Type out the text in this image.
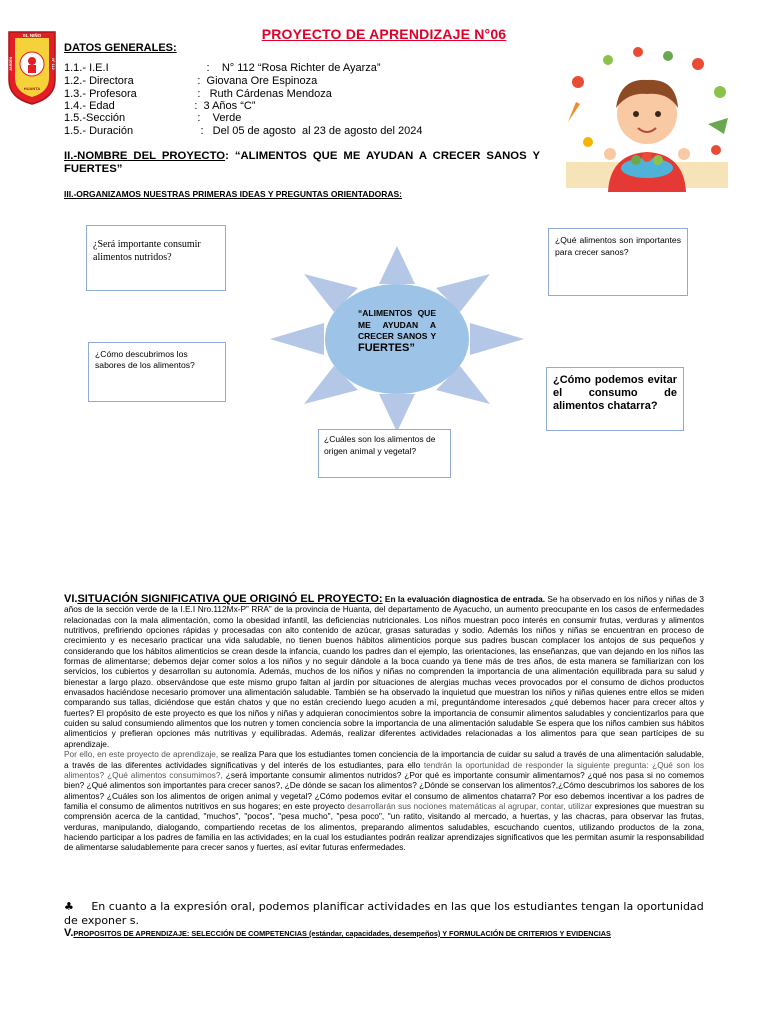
PROYECTO DE APRENDIZAJE N°06
EL NIÑO
JARDÍN	N° 112
HUANTA
DATOS GENERALES:
1.1.- I.E.I	:    N° 112 “Rosa Richter de Ayarza”
1.2.- Directora	:  Giovana Ore Espinoza
1.3.- Profesora	:   Ruth Cárdenas Mendoza
1.4.- Edad	:  3 Años “C”
1.5.-Sección	:    Verde
1.5.- Duración	:   Del 05 de agosto  al 23 de agosto del 2024
II.-NOMBRE DEL PROYECTO: “ALIMENTOS QUE ME AYUDAN A CRECER SANOS Y FUERTES”
III.-ORGANIZAMOS NUESTRAS PRIMERAS IDEAS Y PREGUNTAS ORIENTADORAS:
“ALIMENTOS QUE ME AYUDAN A CRECER SANOS Y FUERTES”
¿Será importante consumir alimentos nutridos?
¿Qué alimentos son importantes para crecer sanos?
¿Cómo descubrimos los sabores de los alimentos?
¿Cómo podemos evitar el consumo de alimentos chatarra?
¿Cuáles son los alimentos de origen animal y vegetal?
VI.SITUACIÓN SIGNIFICATIVA QUE ORIGINÓ EL PROYECTO: En la evaluación diagnostica de entrada. Se ha observado en los niños y niñas de 3 años de la sección verde de la I.E.I Nro.112Mx-P” RRA” de la provincia de Huanta, del departamento de Ayacucho, un aumento preocupante en los casos de enfermedades relacionadas con la mala alimentación, como la obesidad infantil, las deficiencias nutricionales. Los niños muestran poco interés en consumir frutas, verduras y alimentos nutritivos, prefiriendo opciones rápidas y procesadas con alto contenido de azúcar, grasas saturadas y sodio. Además los niños y niñas se encuentran en proceso de crecimiento y es necesario practicar una vida saludable, no tienen buenos hábitos alimenticios porque sus padres buscan complacer los antojos de sus pequeños y considerando que los hábitos alimenticios se crean desde la infancia, cuando los padres dan el ejemplo, las orientaciones, las enseñanzas, que van dejando en los niños las formas de alimentarse; debemos dejar comer solos a los niños y no seguir dándole a la boca cuando ya tiene más de tres años, de esta manera se familiarizan con los servicios, los cubiertos y desarrollan su autonomía. Además, muchos de los niños y niñas no comprenden la importancia de una alimentación equilibrada para su salud y bienestar a largo plazo. observándose que este mismo grupo faltan al jardín por situaciones de alergias muchas veces provocados por el consumo de dichos productos envasados haciéndose necesario promover una alimentación saludable. También se ha observado la inquietud que muestran los niños y niñas quienes entre ellos se miden comparando sus tallas, diciéndose que están chatos y que no están creciendo luego acuden a mí, preguntándome interesados ¿qué debemos hacer para crecer altos y fuertes? El propósito de este proyecto es que los niños y niñas y adquieran conocimientos sobre la importancia de consumir alimentos saludables y concientizarlos para que cuiden su salud consumiendo alimentos que los nutren y tomen conciencia sobre la importancia de una alimentación saludable Se espera que los niños cambien sus hábitos alimenticios y prefieran opciones más nutritivas y equilibradas. Además, realizar diferentes actividades relacionadas a los alimentos para que sean partícipes de su aprendizaje.
Por ello, en este proyecto de aprendizaje, se realiza Para que los estudiantes tomen conciencia de la importancia de cuidar su salud a través de una alimentación saludable, a través de las diferentes actividades significativas y del interés de los estudiantes, para ello tendrán la oportunidad de responder la siguiente pregunta: ¿Qué son los alimentos? ¿Qué alimentos consumimos?, ¿será importante consumir alimentos nutridos? ¿Por qué es importante consumir alimentarnos? ¿qué nos pasa si no comemos bien? ¿Qué alimentos son importantes para crecer sanos?, ¿De dónde se sacan los alimentos? ¿Dónde se conservan los alimentos?,¿Cómo descubrimos los sabores de los alimentos? ¿Cuáles son los alimentos de origen animal y vegetal? ¿Cómo podemos evitar el consumo de alimentos chatarra? Por eso debemos incentivar a los padres de familia el consumo de alimentos nutritivos en sus hogares; en este proyecto desarrollarán sus nociones matemáticas al agrupar, contar, utilizar expresiones que muestran su comprensión acerca de la cantidad, "muchos", "pocos", "pesa mucho", "pesa poco", "un ratito, visitando al mercado, a huertas, y las chacras, para observar las frutas, verduras, manipulando, dialogando, compartiendo recetas de los alimentos, preparando alimentos saludables, escuchando cuentos, utilizando productos de la zona, haciendo participar a los padres de familia en las actividades; en la cual los estudiantes podrán realizar aprendizajes significativos que les permitan asumir la responsabilidad de alimentarse saludablemente para crecer sanos y fuertes, así evitar futuras enfermedades.
♣ En cuanto a la expresión oral, podemos planificar actividades en las que los estudiantes tengan la oportunidad de exponer s.
V.PROPOSITOS DE APRENDIZAJE: SELECCIÓN DE COMPETENCIAS (estándar, capacidades, desempeños) Y FORMULACIÓN DE CRITERIOS Y EVIDENCIAS
